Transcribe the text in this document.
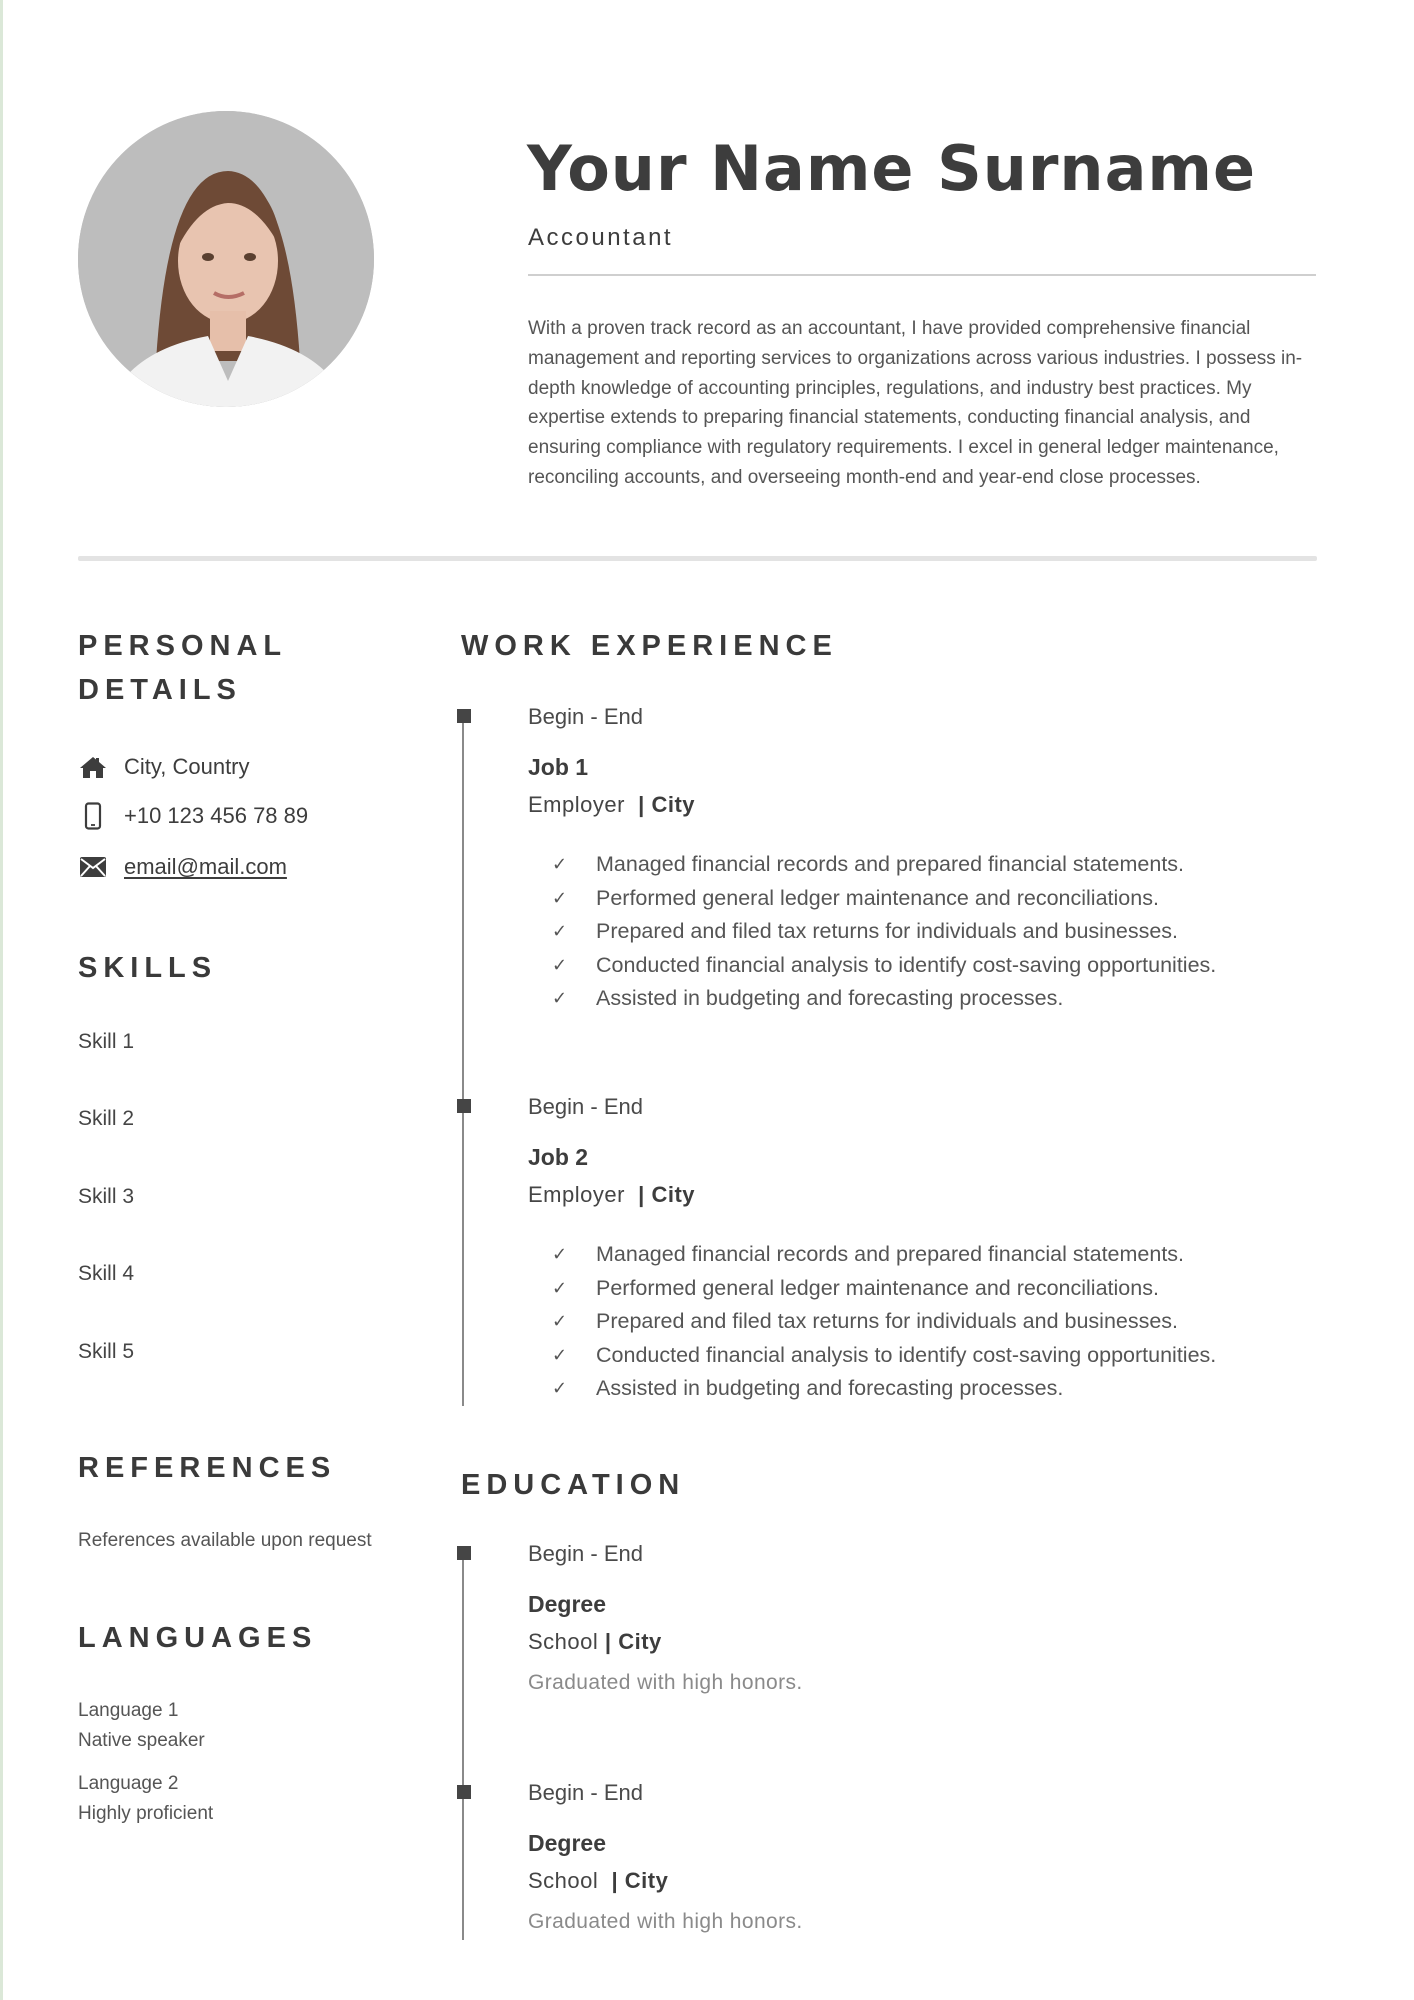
Your Name Surname
Accountant

With a proven track record as an accountant, I have provided comprehensive financial management and reporting services to organizations across various industries. I possess in-depth knowledge of accounting principles, regulations, and industry best practices. My expertise extends to preparing financial statements, conducting financial analysis, and ensuring compliance with regulatory requirements. I excel in general ledger maintenance, reconciling accounts, and overseeing month-end and year-end close processes.

PERSONAL
DETAILS
City, Country
+10 123 456 78 89
email@mail.com
SKILLS
Skill 1
Skill 2
Skill 3
Skill 4
Skill 5
REFERENCES
References available upon request
LANGUAGES
Language 1
Native speaker
Language 2
Highly proficient
WORK EXPERIENCE
Begin - End
Job 1
Employer | City
✓	Managed financial records and prepared financial statements.
✓	Performed general ledger maintenance and reconciliations.
✓	Prepared and filed tax returns for individuals and businesses.
✓	Conducted financial analysis to identify cost-saving opportunities.
✓	Assisted in budgeting and forecasting processes.
Begin - End
Job 2
Employer | City
✓	Managed financial records and prepared financial statements.
✓	Performed general ledger maintenance and reconciliations.
✓	Prepared and filed tax returns for individuals and businesses.
✓	Conducted financial analysis to identify cost-saving opportunities.
✓	Assisted in budgeting and forecasting processes.
EDUCATION
Begin - End
Degree
School | City
Graduated with high honors.
Begin - End
Degree
School | City
Graduated with high honors.
